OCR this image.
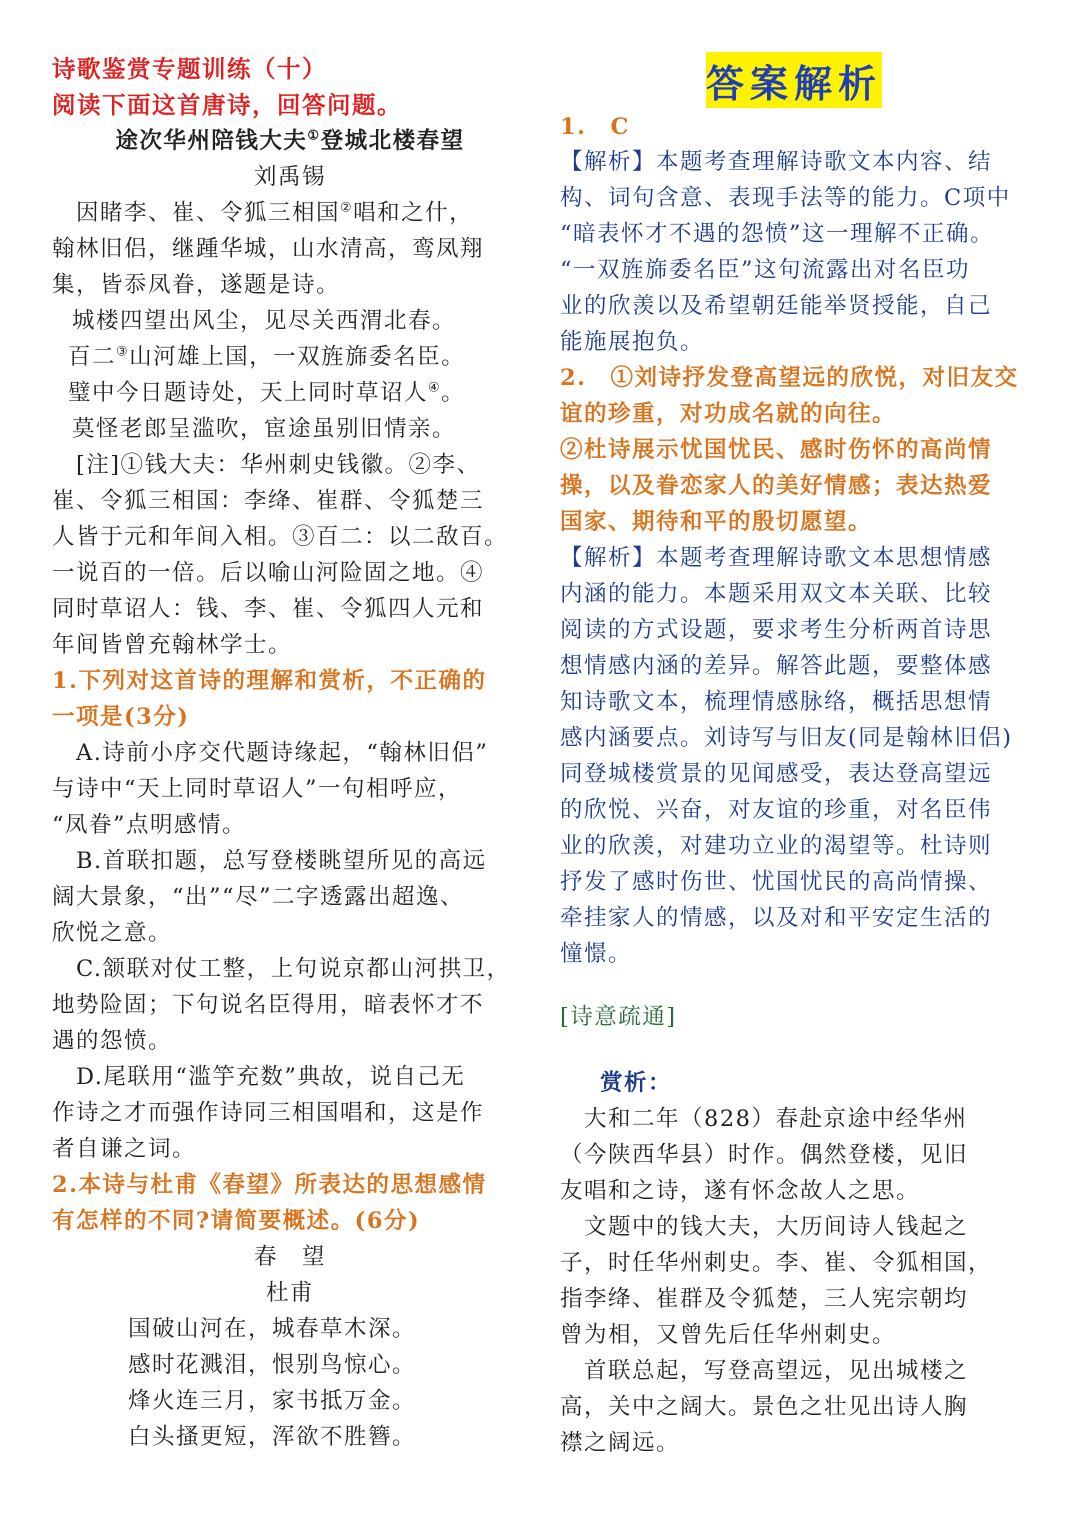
诗歌鉴赏专题训练（十）
阅读下面这首唐诗，回答问题。
途次华州陪钱大夫①登城北楼春望
刘禹锡
　因睹李、崔、令狐三相国②唱和之什，
翰林旧侣，继踵华城，山水清高，鸾凤翔
集，皆忝凤眷，遂题是诗。
城楼四望出风尘，见尽关西渭北春。
百二③山河雄上国，一双旌旆委名臣。
璧中今日题诗处，天上同时草诏人④。
莫怪老郎呈滥吹，宦途虽别旧情亲。
　[注]①钱大夫：华州刺史钱徽。②李、
崔、令狐三相国：李绛、崔群、令狐楚三
人皆于元和年间入相。③百二：以二敌百。
一说百的一倍。后以喻山河险固之地。④
同时草诏人：钱、李、崔、令狐四人元和
年间皆曾充翰林学士。
1.下列对这首诗的理解和赏析，不正确的
一项是(3分)
　A.诗前小序交代题诗缘起，“翰林旧侣”
与诗中“天上同时草诏人”一句相呼应，
“凤眷”点明感情。
　B.首联扣题，总写登楼眺望所见的高远
阔大景象，“出”“尽”二字透露出超逸、
欣悦之意。
　C.颔联对仗工整，上句说京都山河拱卫，
地势险固；下句说名臣得用，暗表怀才不
遇的怨愤。
　D.尾联用“滥竽充数”典故，说自己无
作诗之才而强作诗同三相国唱和，这是作
者自谦之词。
2.本诗与杜甫《春望》所表达的思想感情
有怎样的不同?请简要概述。(6分)
春　望
杜甫
国破山河在，城春草木深。
感时花溅泪，恨别鸟惊心。
烽火连三月，家书抵万金。
白头搔更短，浑欲不胜簪。
答案解析
1.　C
【解析】本题考查理解诗歌文本内容、结
构、词句含意、表现手法等的能力。C项中
“暗表怀才不遇的怨愤”这一理解不正确。
“一双旌旆委名臣”这句流露出对名臣功
业的欣羡以及希望朝廷能举贤授能，自己
能施展抱负。
2.　①刘诗抒发登高望远的欣悦，对旧友交
谊的珍重，对功成名就的向往。
②杜诗展示忧国忧民、感时伤怀的高尚情
操，以及眷恋家人的美好情感；表达热爱
国家、期待和平的殷切愿望。
【解析】本题考查理解诗歌文本思想情感
内涵的能力。本题采用双文本关联、比较
阅读的方式设题，要求考生分析两首诗思
想情感内涵的差异。解答此题，要整体感
知诗歌文本，梳理情感脉络，概括思想情
感内涵要点。刘诗写与旧友(同是翰林旧侣)
同登城楼赏景的见闻感受，表达登高望远
的欣悦、兴奋，对友谊的珍重，对名臣伟
业的欣羡，对建功立业的渴望等。杜诗则
抒发了感时伤世、忧国忧民的高尚情操、
牵挂家人的情感，以及对和平安定生活的
憧憬。
[诗意疏通]
赏析：
　大和二年（828）春赴京途中经华州
（今陕西华县）时作。偶然登楼，见旧
友唱和之诗，遂有怀念故人之思。
　文题中的钱大夫，大历间诗人钱起之
子，时任华州刺史。李、崔、令狐相国，
指李绛、崔群及令狐楚，三人宪宗朝均
曾为相，又曾先后任华州刺史。
　首联总起，写登高望远，见出城楼之
高，关中之阔大。景色之壮见出诗人胸
襟之阔远。
